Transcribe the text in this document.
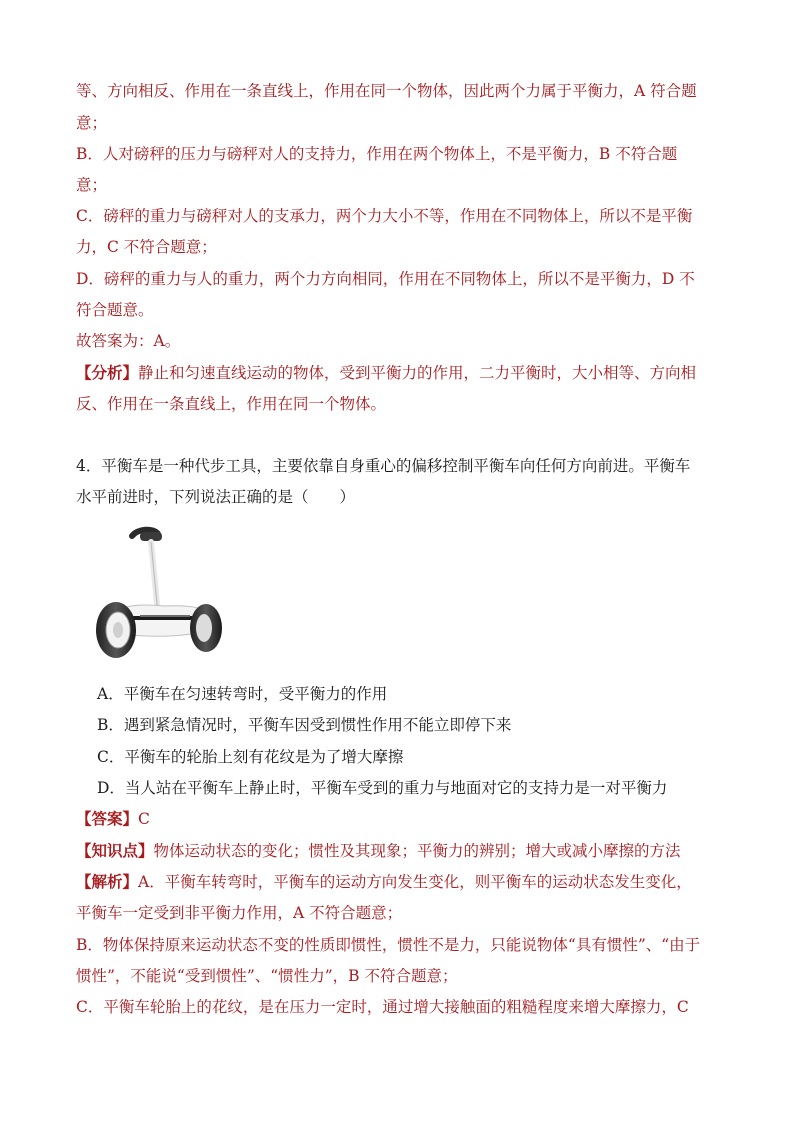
等、方向相反、作用在一条直线上，作用在同一个物体，因此两个力属于平衡力，A 符合题
意；
B．人对磅秤的压力与磅秤对人的支持力，作用在两个物体上，不是平衡力，B 不符合题
意；
C．磅秤的重力与磅秤对人的支承力，两个力大小不等，作用在不同物体上，所以不是平衡
力，C 不符合题意；
D．磅秤的重力与人的重力，两个力方向相同，作用在不同物体上，所以不是平衡力，D 不
符合题意。
故答案为：A。
【分析】静止和匀速直线运动的物体，受到平衡力的作用，二力平衡时，大小相等、方向相
反、作用在一条直线上，作用在同一个物体。
4．平衡车是一种代步工具，主要依靠自身重心的偏移控制平衡车向任何方向前进。平衡车
水平前进时，下列说法正确的是（　　）
A．平衡车在匀速转弯时，受平衡力的作用
B．遇到紧急情况时，平衡车因受到惯性作用不能立即停下来
C．平衡车的轮胎上刻有花纹是为了增大摩擦
D．当人站在平衡车上静止时，平衡车受到的重力与地面对它的支持力是一对平衡力
【答案】C
【知识点】物体运动状态的变化；惯性及其现象；平衡力的辨别；增大或减小摩擦的方法
【解析】A．平衡车转弯时，平衡车的运动方向发生变化，则平衡车的运动状态发生变化，
平衡车一定受到非平衡力作用，A 不符合题意；
B．物体保持原来运动状态不变的性质即惯性，惯性不是力，只能说物体“具有惯性”、“由于
惯性”，不能说“受到惯性”、“惯性力”，B 不符合题意；
C．平衡车轮胎上的花纹，是在压力一定时，通过增大接触面的粗糙程度来增大摩擦力，C
